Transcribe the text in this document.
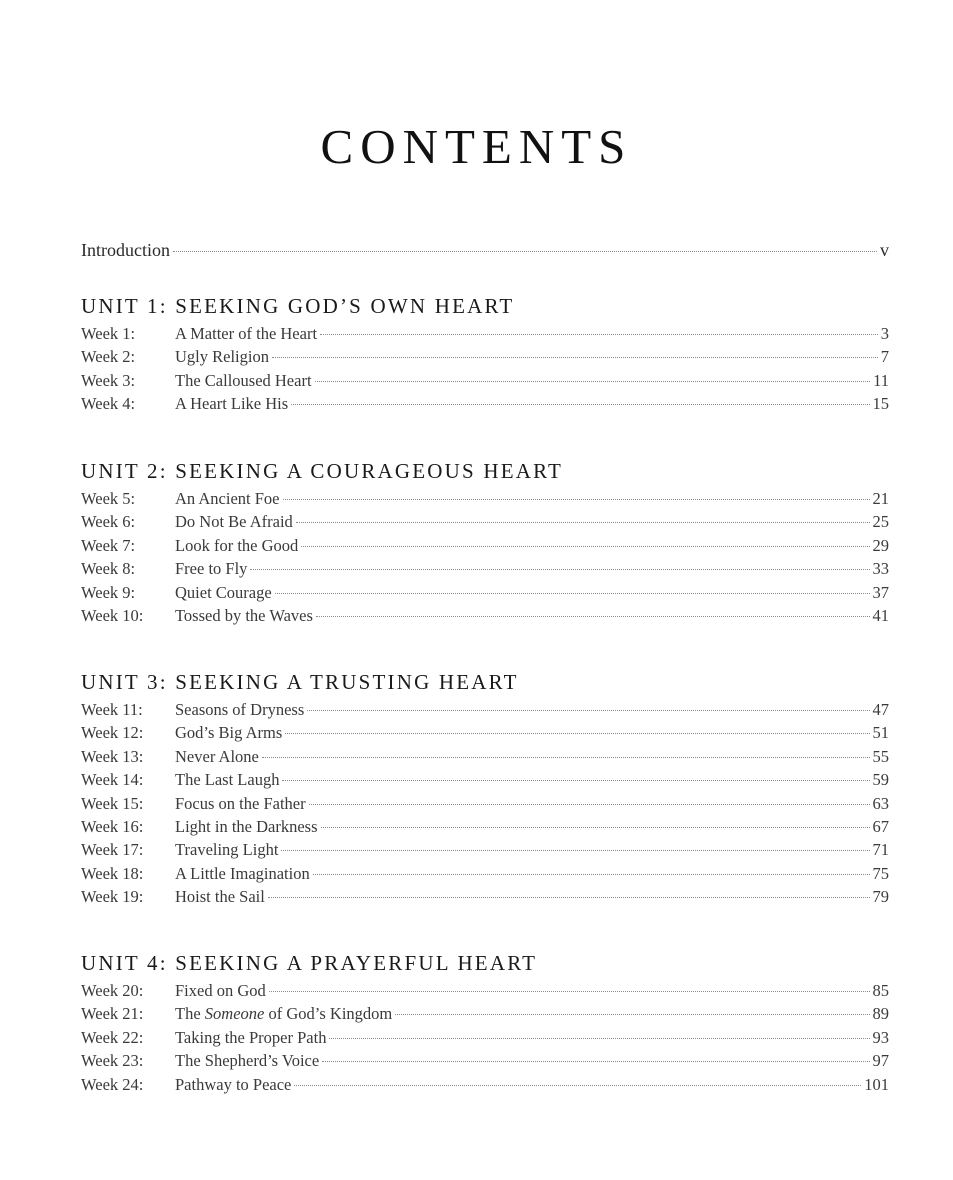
CONTENTS
Introduction	v
UNIT 1: SEEKING GOD’S OWN HEART
Week 1:	A Matter of the Heart	3
Week 2:	Ugly Religion	7
Week 3:	The Calloused Heart	11
Week 4:	A Heart Like His	15
UNIT 2: SEEKING A COURAGEOUS HEART
Week 5:	An Ancient Foe	21
Week 6:	Do Not Be Afraid	25
Week 7:	Look for the Good	29
Week 8:	Free to Fly	33
Week 9:	Quiet Courage	37
Week 10:	Tossed by the Waves	41
UNIT 3: SEEKING A TRUSTING HEART
Week 11:	Seasons of Dryness	47
Week 12:	God’s Big Arms	51
Week 13:	Never Alone	55
Week 14:	The Last Laugh	59
Week 15:	Focus on the Father	63
Week 16:	Light in the Darkness	67
Week 17:	Traveling Light	71
Week 18:	A Little Imagination	75
Week 19:	Hoist the Sail	79
UNIT 4: SEEKING A PRAYERFUL HEART
Week 20:	Fixed on God	85
Week 21:	The Someone of God’s Kingdom	89
Week 22:	Taking the Proper Path	93
Week 23:	The Shepherd’s Voice	97
Week 24:	Pathway to Peace	101
